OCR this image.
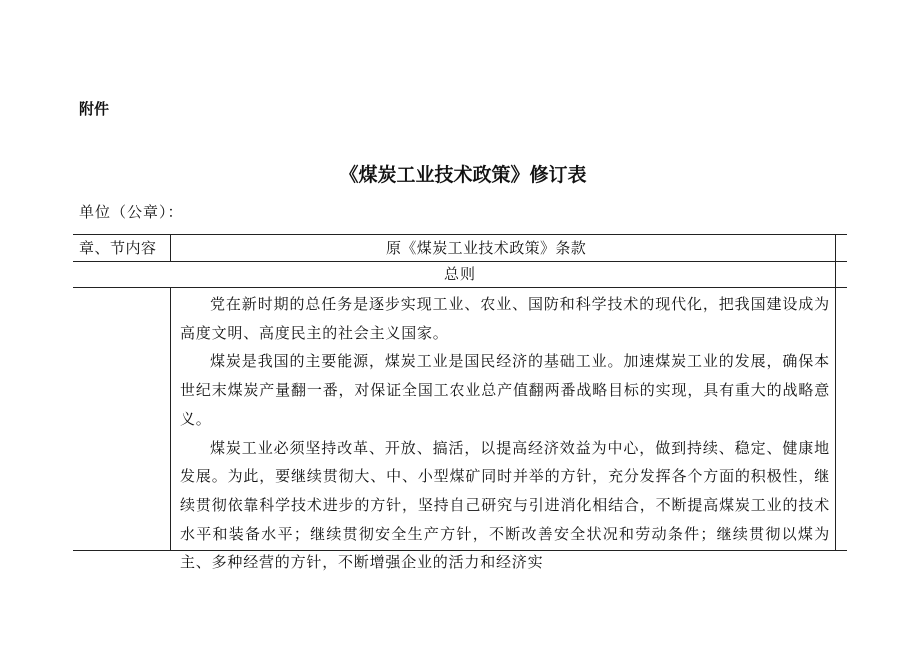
附件
《煤炭工业技术政策》修订表
单位（公章）：
章、节内容	原《煤炭工业技术政策》条款
总则

党在新时期的总任务是逐步实现工业、农业、国防和科学技术的现代化，把我国建设成为高度文明、高度民主的社会主义国家。

煤炭是我国的主要能源，煤炭工业是国民经济的基础工业。加速煤炭工业的发展，确保本世纪末煤炭产量翻一番，对保证全国工农业总产值翻两番战略目标的实现，具有重大的战略意义。

煤炭工业必须坚持改革、开放、搞活，以提高经济效益为中心，做到持续、稳定、健康地发展。为此，要继续贯彻大、中、小型煤矿同时并举的方针，充分发挥各个方面的积极性，继续贯彻依靠科学技术进步的方针，坚持自己研究与引进消化相结合，不断提高煤炭工业的技术水平和装备水平；继续贯彻安全生产方针，不断改善安全状况和劳动条件；继续贯彻以煤为主、多种经营的方针，不断增强企业的活力和经济实
